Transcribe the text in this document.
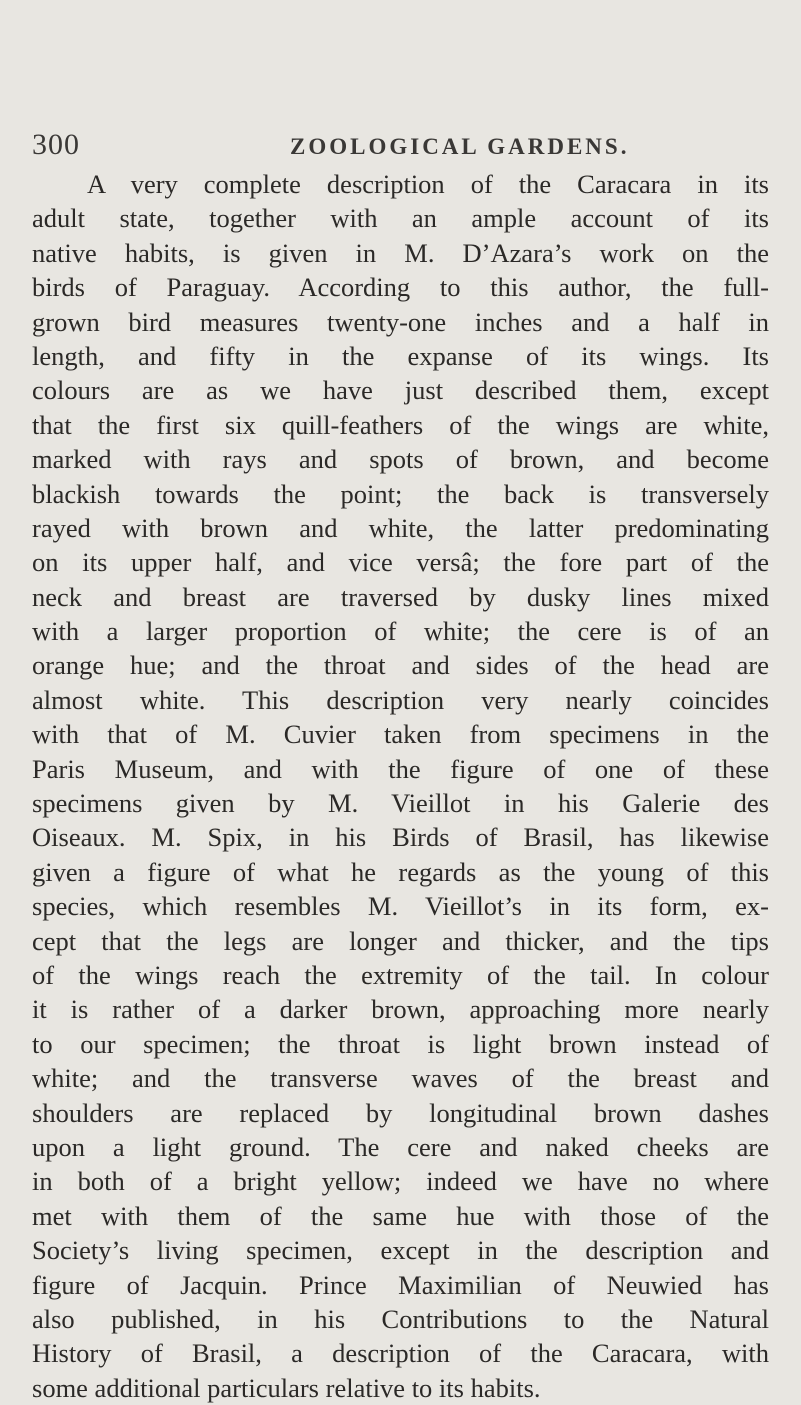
300	ZOOLOGICAL GARDENS.
A very complete description of the Caracara in its
adult state, together with an ample account of its
native habits, is given in M. D’Azara’s work on the
birds of Paraguay. According to this author, the full-
grown bird measures twenty-one inches and a half in
length, and fifty in the expanse of its wings. Its
colours are as we have just described them, except
that the first six quill-feathers of the wings are white,
marked with rays and spots of brown, and become
blackish towards the point; the back is transversely
rayed with brown and white, the latter predominating
on its upper half, and vice versâ; the fore part of the
neck and breast are traversed by dusky lines mixed
with a larger proportion of white; the cere is of an
orange hue; and the throat and sides of the head are
almost white. This description very nearly coincides
with that of M. Cuvier taken from specimens in the
Paris Museum, and with the figure of one of these
specimens given by M. Vieillot in his Galerie des
Oiseaux. M. Spix, in his Birds of Brasil, has likewise
given a figure of what he regards as the young of this
species, which resembles M. Vieillot’s in its form, ex-
cept that the legs are longer and thicker, and the tips
of the wings reach the extremity of the tail. In colour
it is rather of a darker brown, approaching more nearly
to our specimen; the throat is light brown instead of
white; and the transverse waves of the breast and
shoulders are replaced by longitudinal brown dashes
upon a light ground. The cere and naked cheeks are
in both of a bright yellow; indeed we have no where
met with them of the same hue with those of the
Society’s living specimen, except in the description and
figure of Jacquin. Prince Maximilian of Neuwied has
also published, in his Contributions to the Natural
History of Brasil, a description of the Caracara, with
some additional particulars relative to its habits.
